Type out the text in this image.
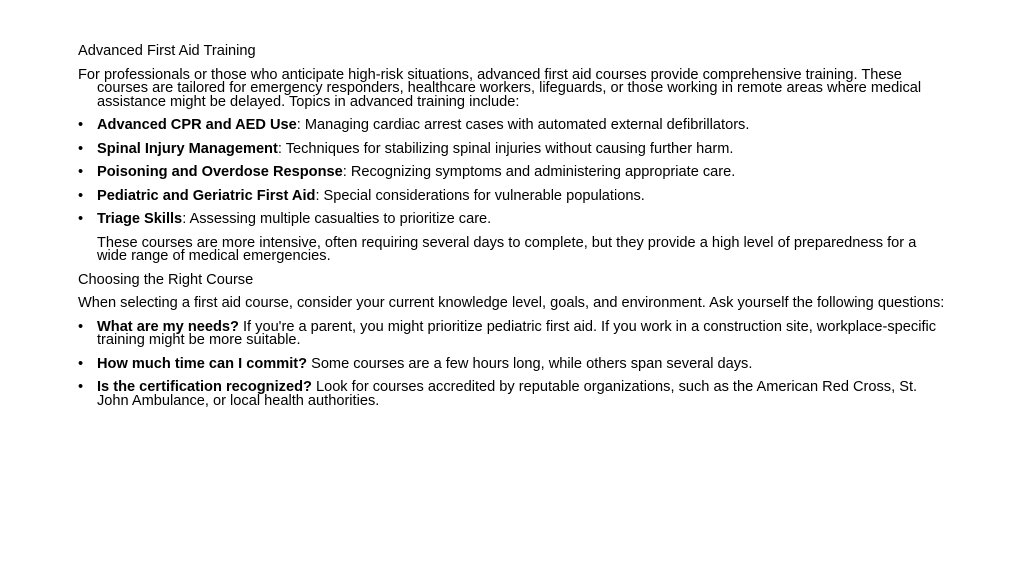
Advanced First Aid Training
For professionals or those who anticipate high-risk situations, advanced first aid courses provide comprehensive training. These courses are tailored for emergency responders, healthcare workers, lifeguards, or those working in remote areas where medical assistance might be delayed. Topics in advanced training include:
• Advanced CPR and AED Use: Managing cardiac arrest cases with automated external defibrillators.
• Spinal Injury Management: Techniques for stabilizing spinal injuries without causing further harm.
• Poisoning and Overdose Response: Recognizing symptoms and administering appropriate care.
• Pediatric and Geriatric First Aid: Special considerations for vulnerable populations.
• Triage Skills: Assessing multiple casualties to prioritize care.
These courses are more intensive, often requiring several days to complete, but they provide a high level of preparedness for a wide range of medical emergencies.
Choosing the Right Course
When selecting a first aid course, consider your current knowledge level, goals, and environment. Ask yourself the following questions:
• What are my needs? If you're a parent, you might prioritize pediatric first aid. If you work in a construction site, workplace-specific training might be more suitable.
• How much time can I commit? Some courses are a few hours long, while others span several days.
• Is the certification recognized? Look for courses accredited by reputable organizations, such as the American Red Cross, St. John Ambulance, or local health authorities.
